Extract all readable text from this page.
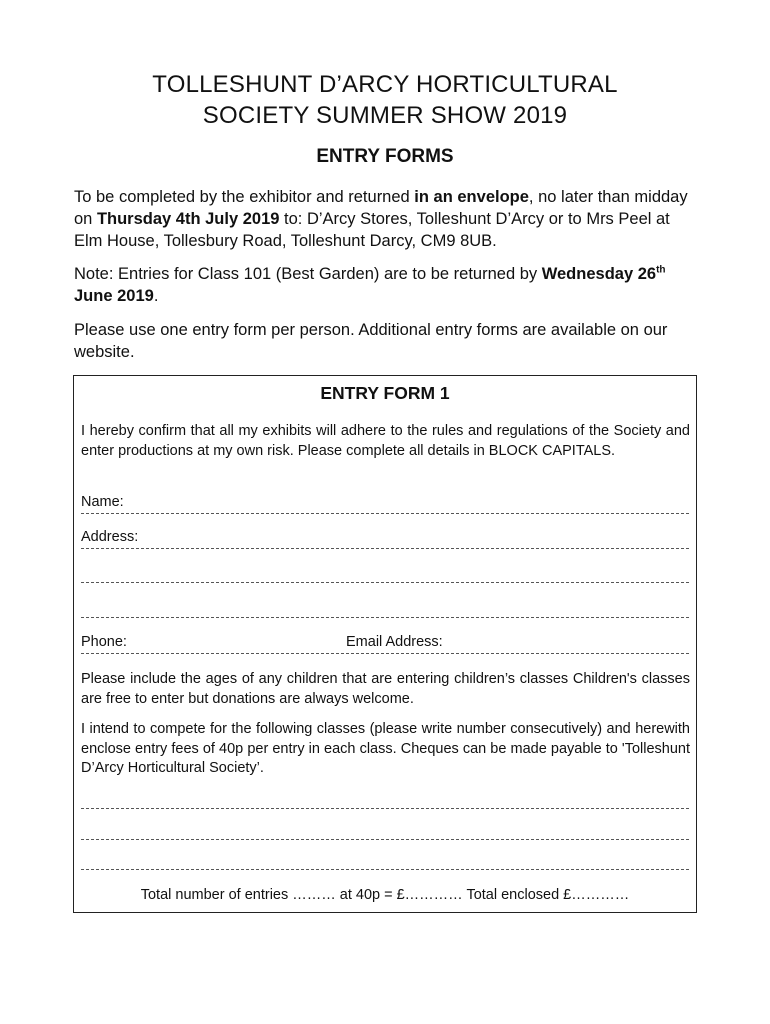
TOLLESHUNT D’ARCY HORTICULTURAL
SOCIETY SUMMER SHOW 2019
ENTRY FORMS
To be completed by the exhibitor and returned in an envelope, no later than midday on Thursday 4th July 2019 to: D’Arcy Stores, Tolleshunt D’Arcy or to Mrs Peel at Elm House, Tollesbury Road, Tolleshunt Darcy, CM9 8UB.
Note: Entries for Class 101 (Best Garden) are to be returned by Wednesday 26th June 2019.
Please use one entry form per person. Additional entry forms are available on our website.
ENTRY FORM 1
I hereby confirm that all my exhibits will adhere to the rules and regulations of the Society and enter productions at my own risk. Please complete all details in BLOCK CAPITALS.
Name:
Address:
Phone:	Email Address:
Please include the ages of any children that are entering children’s classes Children's classes are free to enter but donations are always welcome.
I intend to compete for the following classes (please write number consecutively) and herewith enclose entry fees of 40p per entry in each class. Cheques can be made payable to 'Tolleshunt D’Arcy Horticultural Society’.
Total number of entries ……… at 40p = £………… Total enclosed £…………
